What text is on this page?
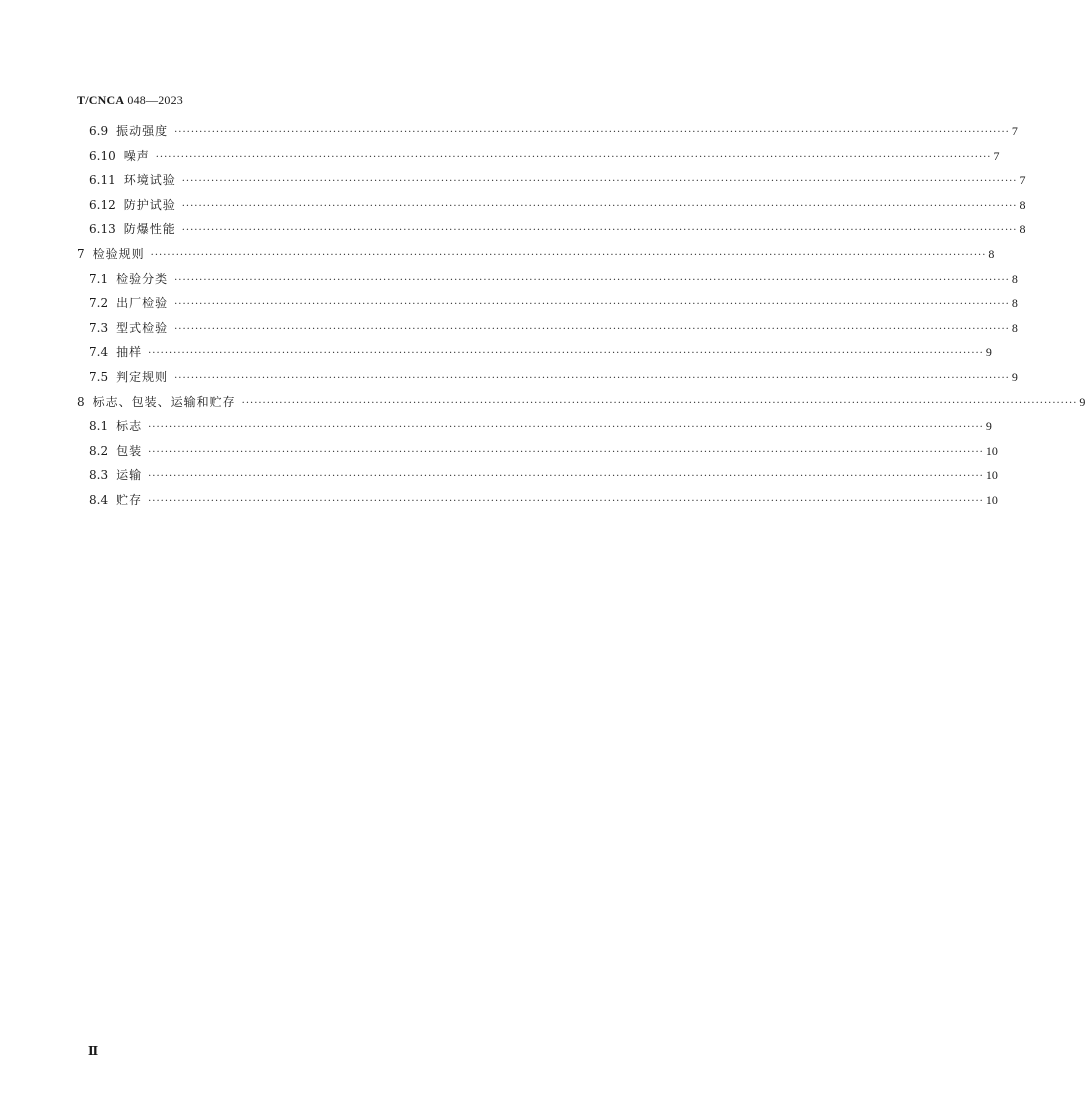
T/CNCA 048—2023
6.9 振动强度 ········································································································································································································ 7
6.10 噪声 ········································································································································································································ 7
6.11 环境试验 ········································································································································································································ 7
6.12 防护试验 ········································································································································································································ 8
6.13 防爆性能 ········································································································································································································ 8
7 检验规则 ········································································································································································································ 8
7.1 检验分类 ········································································································································································································ 8
7.2 出厂检验 ········································································································································································································ 8
7.3 型式检验 ········································································································································································································ 8
7.4 抽样 ········································································································································································································ 9
7.5 判定规则 ········································································································································································································ 9
8 标志、包装、运输和贮存 ········································································································································································································ 9
8.1 标志 ········································································································································································································ 9
8.2 包装 ········································································································································································································ 10
8.3 运输 ········································································································································································································ 10
8.4 贮存 ········································································································································································································ 10
Ⅱ
